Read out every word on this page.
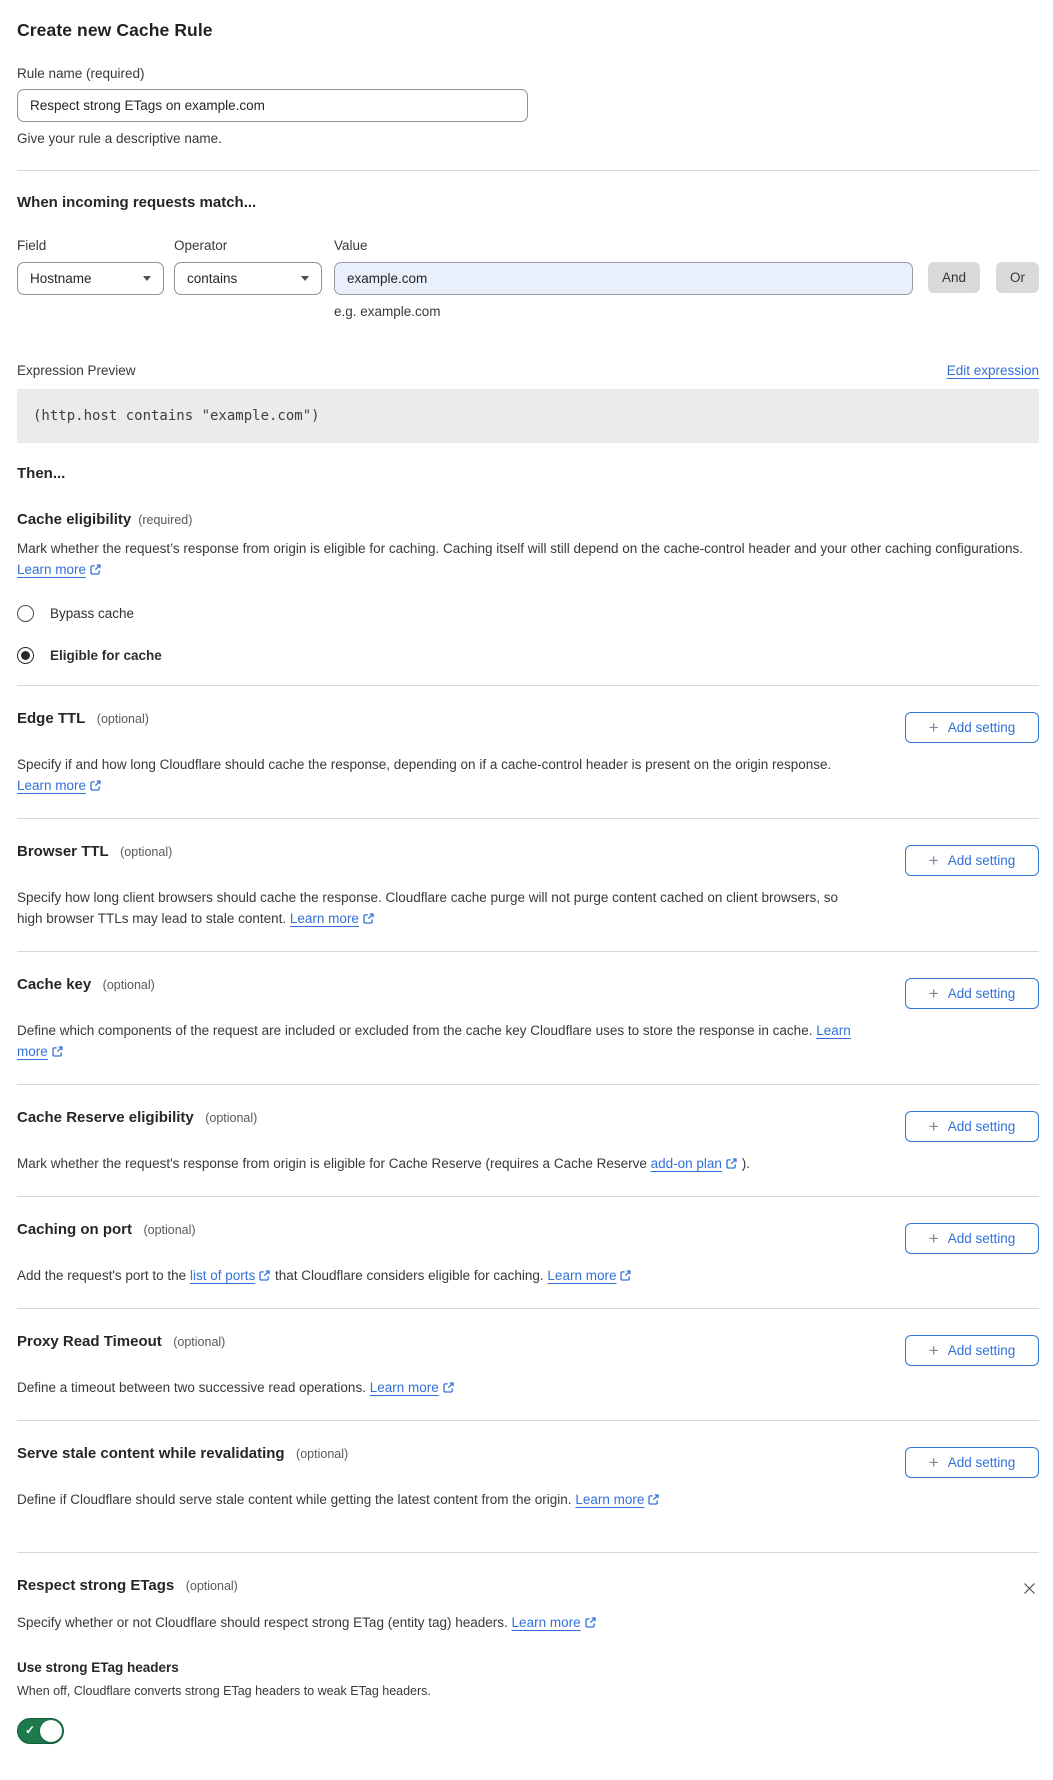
Create new Cache Rule
Rule name (required)
Respect strong ETags on example.com
Give your rule a descriptive name.
When incoming requests match...
Field
Hostname
Operator
contains
Value
example.com
e.g. example.com
And	Or
Expression Preview	Edit expression
(http.host contains "example.com")
Then...
Cache eligibility (required)

Mark whether the request’s response from origin is eligible for caching. Caching itself will still depend on the cache-control header and your other caching configurations. Learn more

Bypass cache
Eligible for cache
Edge TTL (optional)	+ Add setting

Specify if and how long Cloudflare should cache the response, depending on if a cache-control header is present on the origin response. Learn more

Browser TTL (optional)	+ Add setting

Specify how long client browsers should cache the response. Cloudflare cache purge will not purge content cached on client browsers, so high browser TTLs may lead to stale content. Learn more

Cache key (optional)	+ Add setting

Define which components of the request are included or excluded from the cache key Cloudflare uses to store the response in cache. Learn more

Cache Reserve eligibility (optional)	+ Add setting

Mark whether the request's response from origin is eligible for Cache Reserve (requires a Cache Reserve add-on plan ).

Caching on port (optional)	+ Add setting

Add the request's port to the list of ports that Cloudflare considers eligible for caching. Learn more

Proxy Read Timeout (optional)	+ Add setting

Define a timeout between two successive read operations. Learn more

Serve stale content while revalidating (optional)	+ Add setting

Define if Cloudflare should serve stale content while getting the latest content from the origin. Learn more

Respect strong ETags (optional)

Specify whether or not Cloudflare should respect strong ETag (entity tag) headers. Learn more

Use strong ETag headers
When off, Cloudflare converts strong ETag headers to weak ETag headers.
✓
